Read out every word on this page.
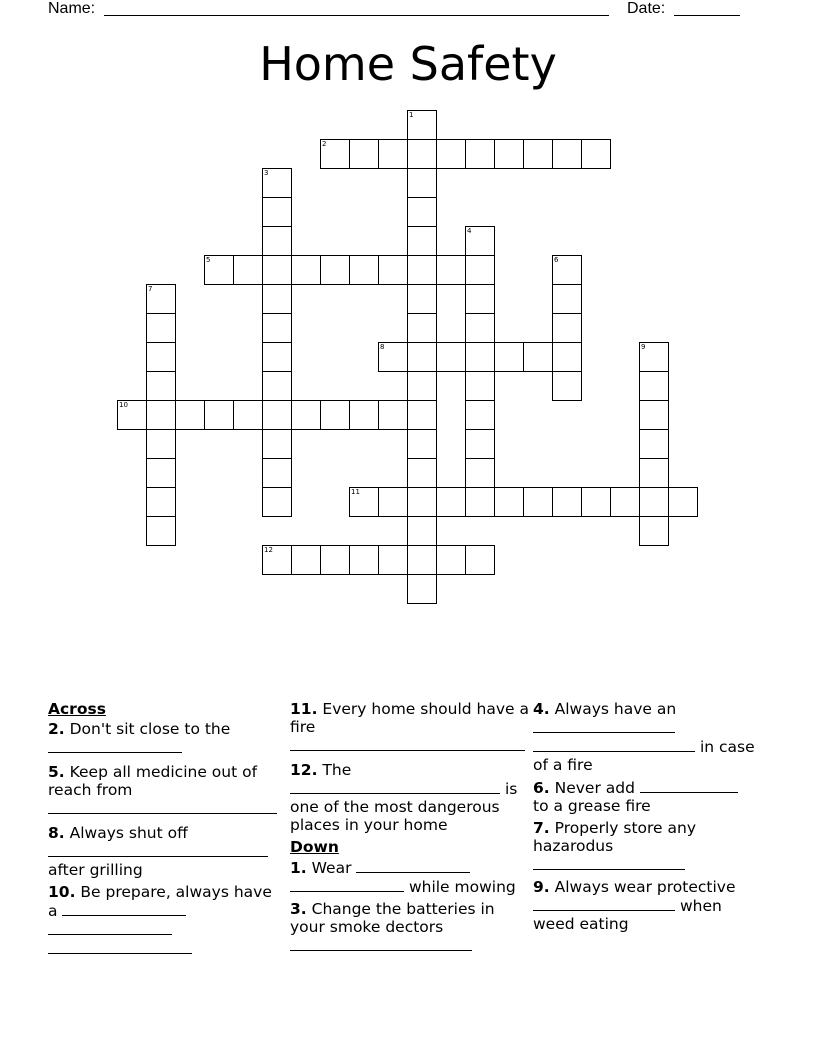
Name:	Date:
Home Safety
1
2
3
4
5	6
7
8	9
10
11
12
Across
2. Don't sit close to the

5. Keep all medicine out of reach from

8. Always shut off

after grilling
10. Be prepare, always have a

11. Every home should have a fire

12. The
is
one of the most dangerous places in your home
Down
1. Wear
while mowing
3. Change the batteries in your smoke dectors

4. Always have an

in case
of a fire
6. Never add
to a grease fire
7. Properly store any hazarodus

9. Always wear protective
when
weed eating
